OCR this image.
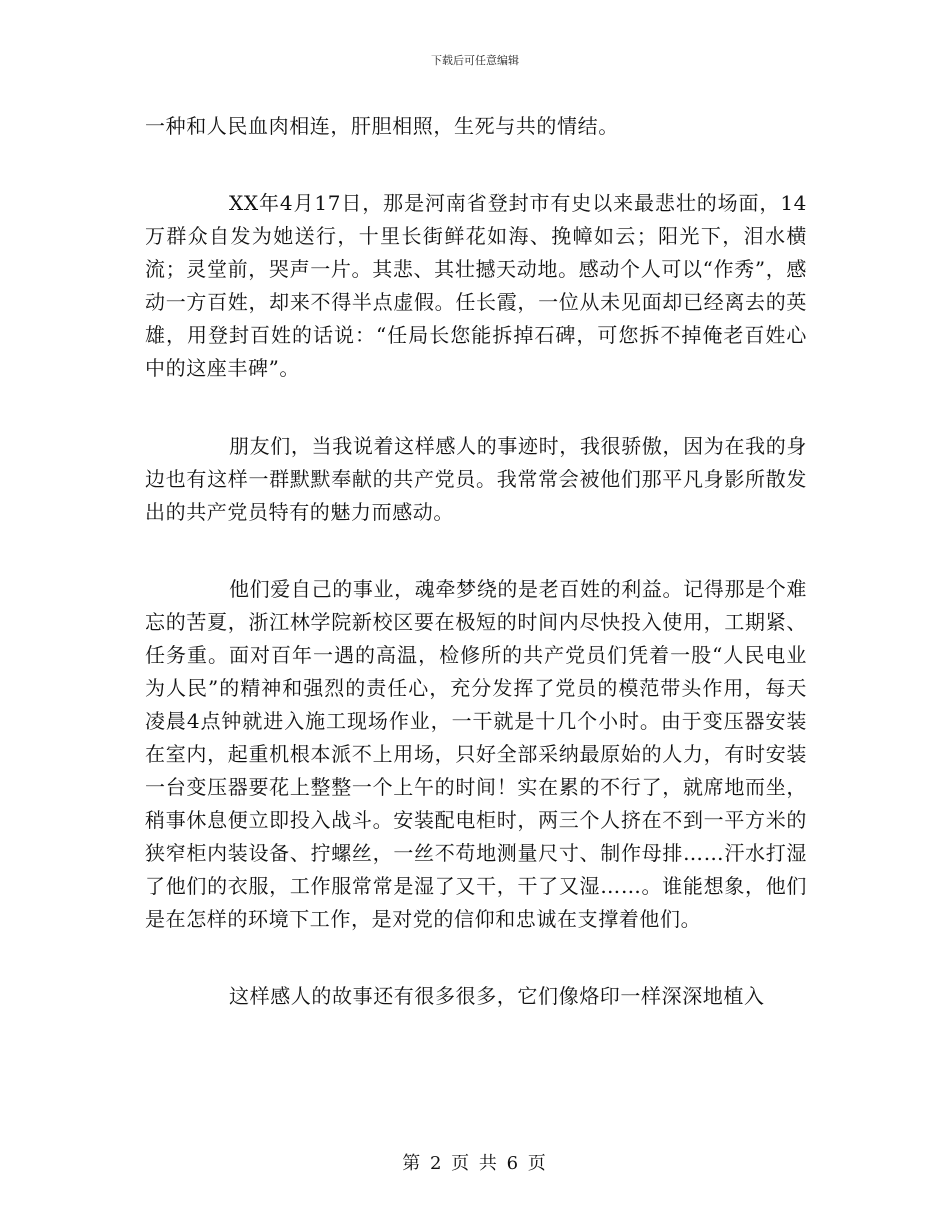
下载后可任意编辑

一种和人民血肉相连，肝胆相照，生死与共的情结。

XX年4月17日，那是河南省登封市有史以来最悲壮的场面，14万群众自发为她送行，十里长街鲜花如海、挽幛如云；阳光下，泪水横流；灵堂前，哭声一片。其悲、其壮撼天动地。感动个人可以“作秀”，感动一方百姓，却来不得半点虚假。任长霞，一位从未见面却已经离去的英雄，用登封百姓的话说：“任局长您能拆掉石碑，可您拆不掉俺老百姓心中的这座丰碑”。

朋友们，当我说着这样感人的事迹时，我很骄傲，因为在我的身边也有这样一群默默奉献的共产党员。我常常会被他们那平凡身影所散发出的共产党员特有的魅力而感动。

他们爱自己的事业，魂牵梦绕的是老百姓的利益。记得那是个难忘的苦夏，浙江林学院新校区要在极短的时间内尽快投入使用，工期紧、任务重。面对百年一遇的高温，检修所的共产党员们凭着一股“人民电业为人民”的精神和强烈的责任心，充分发挥了党员的模范带头作用，每天凌晨4点钟就进入施工现场作业，一干就是十几个小时。由于变压器安装在室内，起重机根本派不上用场，只好全部采纳最原始的人力，有时安装一台变压器要花上整整一个上午的时间！实在累的不行了，就席地而坐，稍事休息便立即投入战斗。安装配电柜时，两三个人挤在不到一平方米的狭窄柜内装设备、拧螺丝，一丝不苟地测量尺寸、制作母排……汗水打湿了他们的衣服，工作服常常是湿了又干，干了又湿……。谁能想象，他们是在怎样的环境下工作，是对党的信仰和忠诚在支撑着他们。

这样感人的故事还有很多很多，它们像烙印一样深深地植入

第 2 页 共 6 页
